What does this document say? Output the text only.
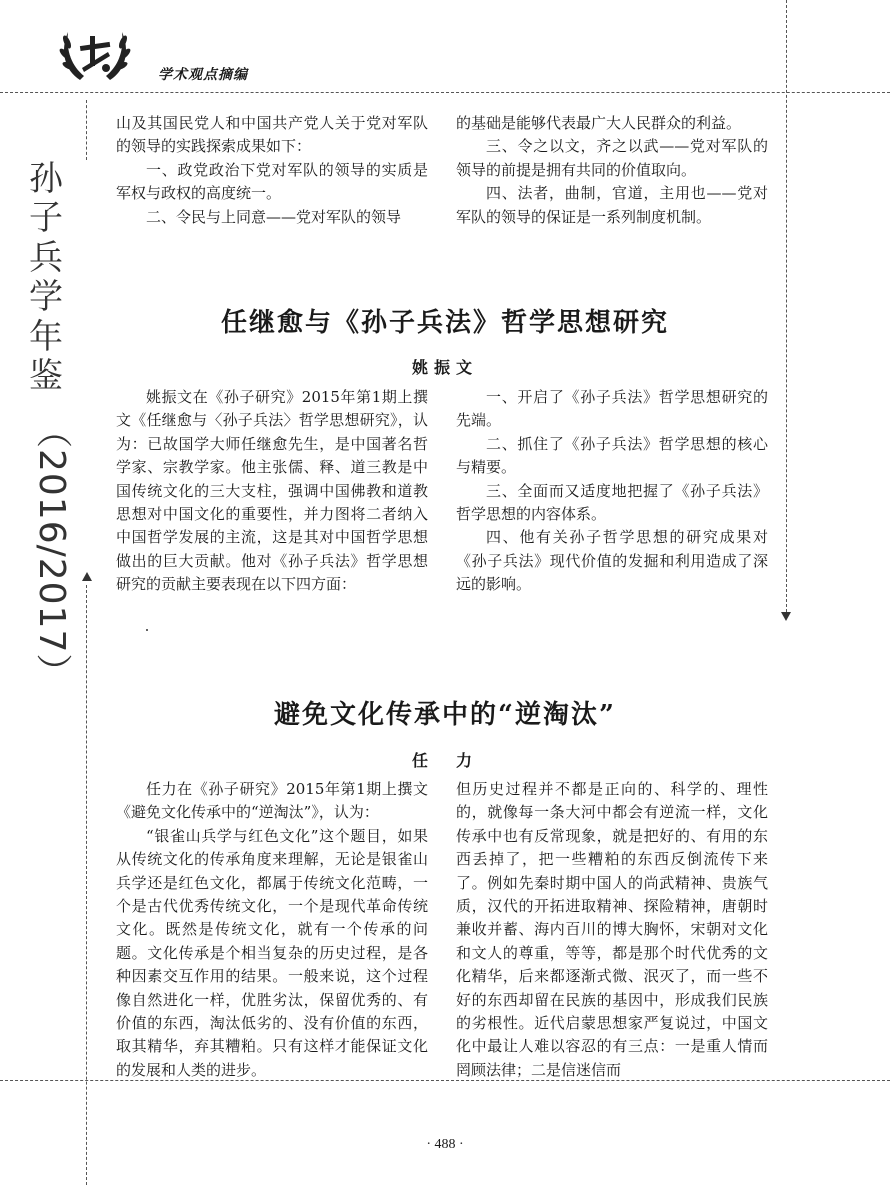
学术观点摘编
孙
子
兵
学
年
鉴
（2016/2017）

山及其国民党人和中国共产党人关于党对军队的领导的实践探索成果如下：

一、政党政治下党对军队的领导的实质是军权与政权的高度统一。

二、令民与上同意——党对军队的领导

的基础是能够代表最广大人民群众的利益。

三、令之以文，齐之以武——党对军队的领导的前提是拥有共同的价值取向。

四、法者，曲制，官道，主用也——党对军队的领导的保证是一系列制度机制。

任继愈与《孙子兵法》哲学思想研究
姚振文

姚振文在《孙子研究》2015年第1期上撰文《任继愈与〈孙子兵法〉哲学思想研究》，认为：已故国学大师任继愈先生，是中国著名哲学家、宗教学家。他主张儒、释、道三教是中国传统文化的三大支柱，强调中国佛教和道教思想对中国文化的重要性，并力图将二者纳入中国哲学发展的主流，这是其对中国哲学思想做出的巨大贡献。他对《孙子兵法》哲学思想研究的贡献主要表现在以下四方面：

一、开启了《孙子兵法》哲学思想研究的先端。

二、抓住了《孙子兵法》哲学思想的核心与精要。

三、全面而又适度地把握了《孙子兵法》哲学思想的内容体系。

四、他有关孙子哲学思想的研究成果对《孙子兵法》现代价值的发掘和利用造成了深远的影响。

避免文化传承中的“逆淘汰”
任　力

任力在《孙子研究》2015年第1期上撰文《避免文化传承中的“逆淘汰”》，认为：

“银雀山兵学与红色文化”这个题目，如果从传统文化的传承角度来理解，无论是银雀山兵学还是红色文化，都属于传统文化范畴，一个是古代优秀传统文化，一个是现代革命传统文化。既然是传统文化，就有一个传承的问题。文化传承是个相当复杂的历史过程，是各种因素交互作用的结果。一般来说，这个过程像自然进化一样，优胜劣汰，保留优秀的、有价值的东西，淘汰低劣的、没有价值的东西，取其精华，弃其糟粕。只有这样才能保证文化的发展和人类的进步。

但历史过程并不都是正向的、科学的、理性的，就像每一条大河中都会有逆流一样，文化传承中也有反常现象，就是把好的、有用的东西丢掉了，把一些糟粕的东西反倒流传下来了。例如先秦时期中国人的尚武精神、贵族气质，汉代的开拓进取精神、探险精神，唐朝时兼收并蓄、海内百川的博大胸怀，宋朝对文化和文人的尊重，等等，都是那个时代优秀的文化精华，后来都逐渐式微、泯灭了，而一些不好的东西却留在民族的基因中，形成我们民族的劣根性。近代启蒙思想家严复说过，中国文化中最让人难以容忍的有三点：一是重人情而罔顾法律；二是信迷信而

· 488 ·
